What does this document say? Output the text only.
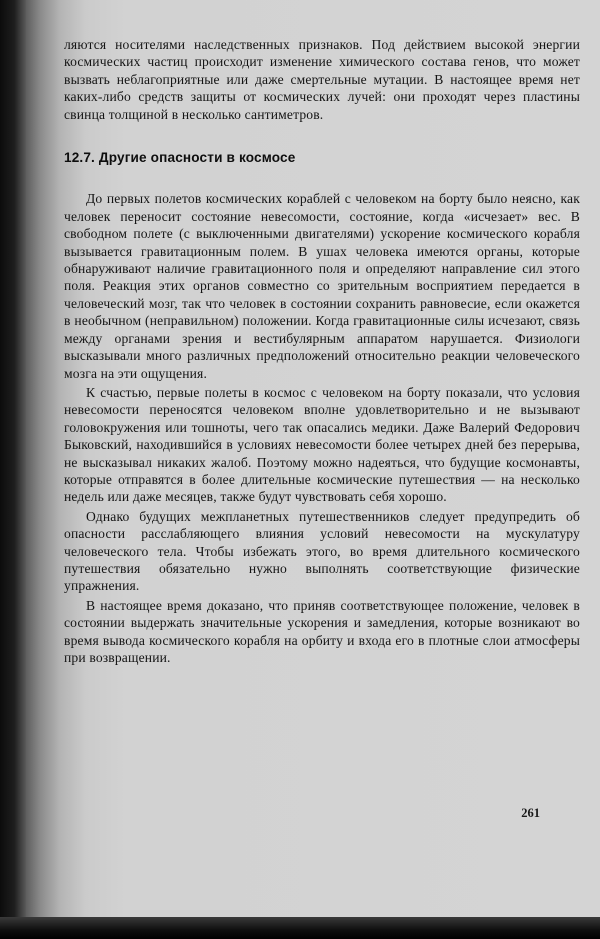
ляются носителями наследственных признаков. Под действием высокой энергии космических частиц происходит изменение химического состава генов, что может вызвать неблагоприятные или даже смертельные мутации. В настоящее время нет каких-либо средств защиты от космических лучей: они проходят через пластины свинца толщиной в несколько сантиметров.

12.7. Другие опасности в космосе

До первых полетов космических кораблей с человеком на борту было неясно, как человек переносит состояние невесомости, состояние, когда «исчезает» вес. В свободном полете (с выключенными двигателями) ускорение космического корабля вызывается гравитационным полем. В ушах человека имеются органы, которые обнаруживают наличие гравитационного поля и определяют направление сил этого поля. Реакция этих органов совместно со зрительным восприятием передается в человеческий мозг, так что человек в состоянии сохранить равновесие, если окажется в необычном (неправильном) положении. Когда гравитационные силы исчезают, связь между органами зрения и вестибулярным аппаратом нарушается. Физиологи высказывали много различных предположений относительно реакции человеческого мозга на эти ощущения.

К счастью, первые полеты в космос с человеком на борту показали, что условия невесомости переносятся человеком вполне удовлетворительно и не вызывают головокружения или тошноты, чего так опасались медики. Даже Валерий Федорович Быковский, находившийся в условиях невесомости более четырех дней без перерыва, не высказывал никаких жалоб. Поэтому можно надеяться, что будущие космонавты, которые отправятся в более длительные космические путешествия — на несколько недель или даже месяцев, также будут чувствовать себя хорошо.

Однако будущих межпланетных путешественников следует предупредить об опасности расслабляющего влияния условий невесомости на мускулатуру человеческого тела. Чтобы избежать этого, во время длительного космического путешествия обязательно нужно выполнять соответствующие физические упражнения.

В настоящее время доказано, что приняв соответствующее положение, человек в состоянии выдержать значительные ускорения и замедления, которые возникают во время вывода космического корабля на орбиту и входа его в плотные слои атмосферы при возвращении.

261
